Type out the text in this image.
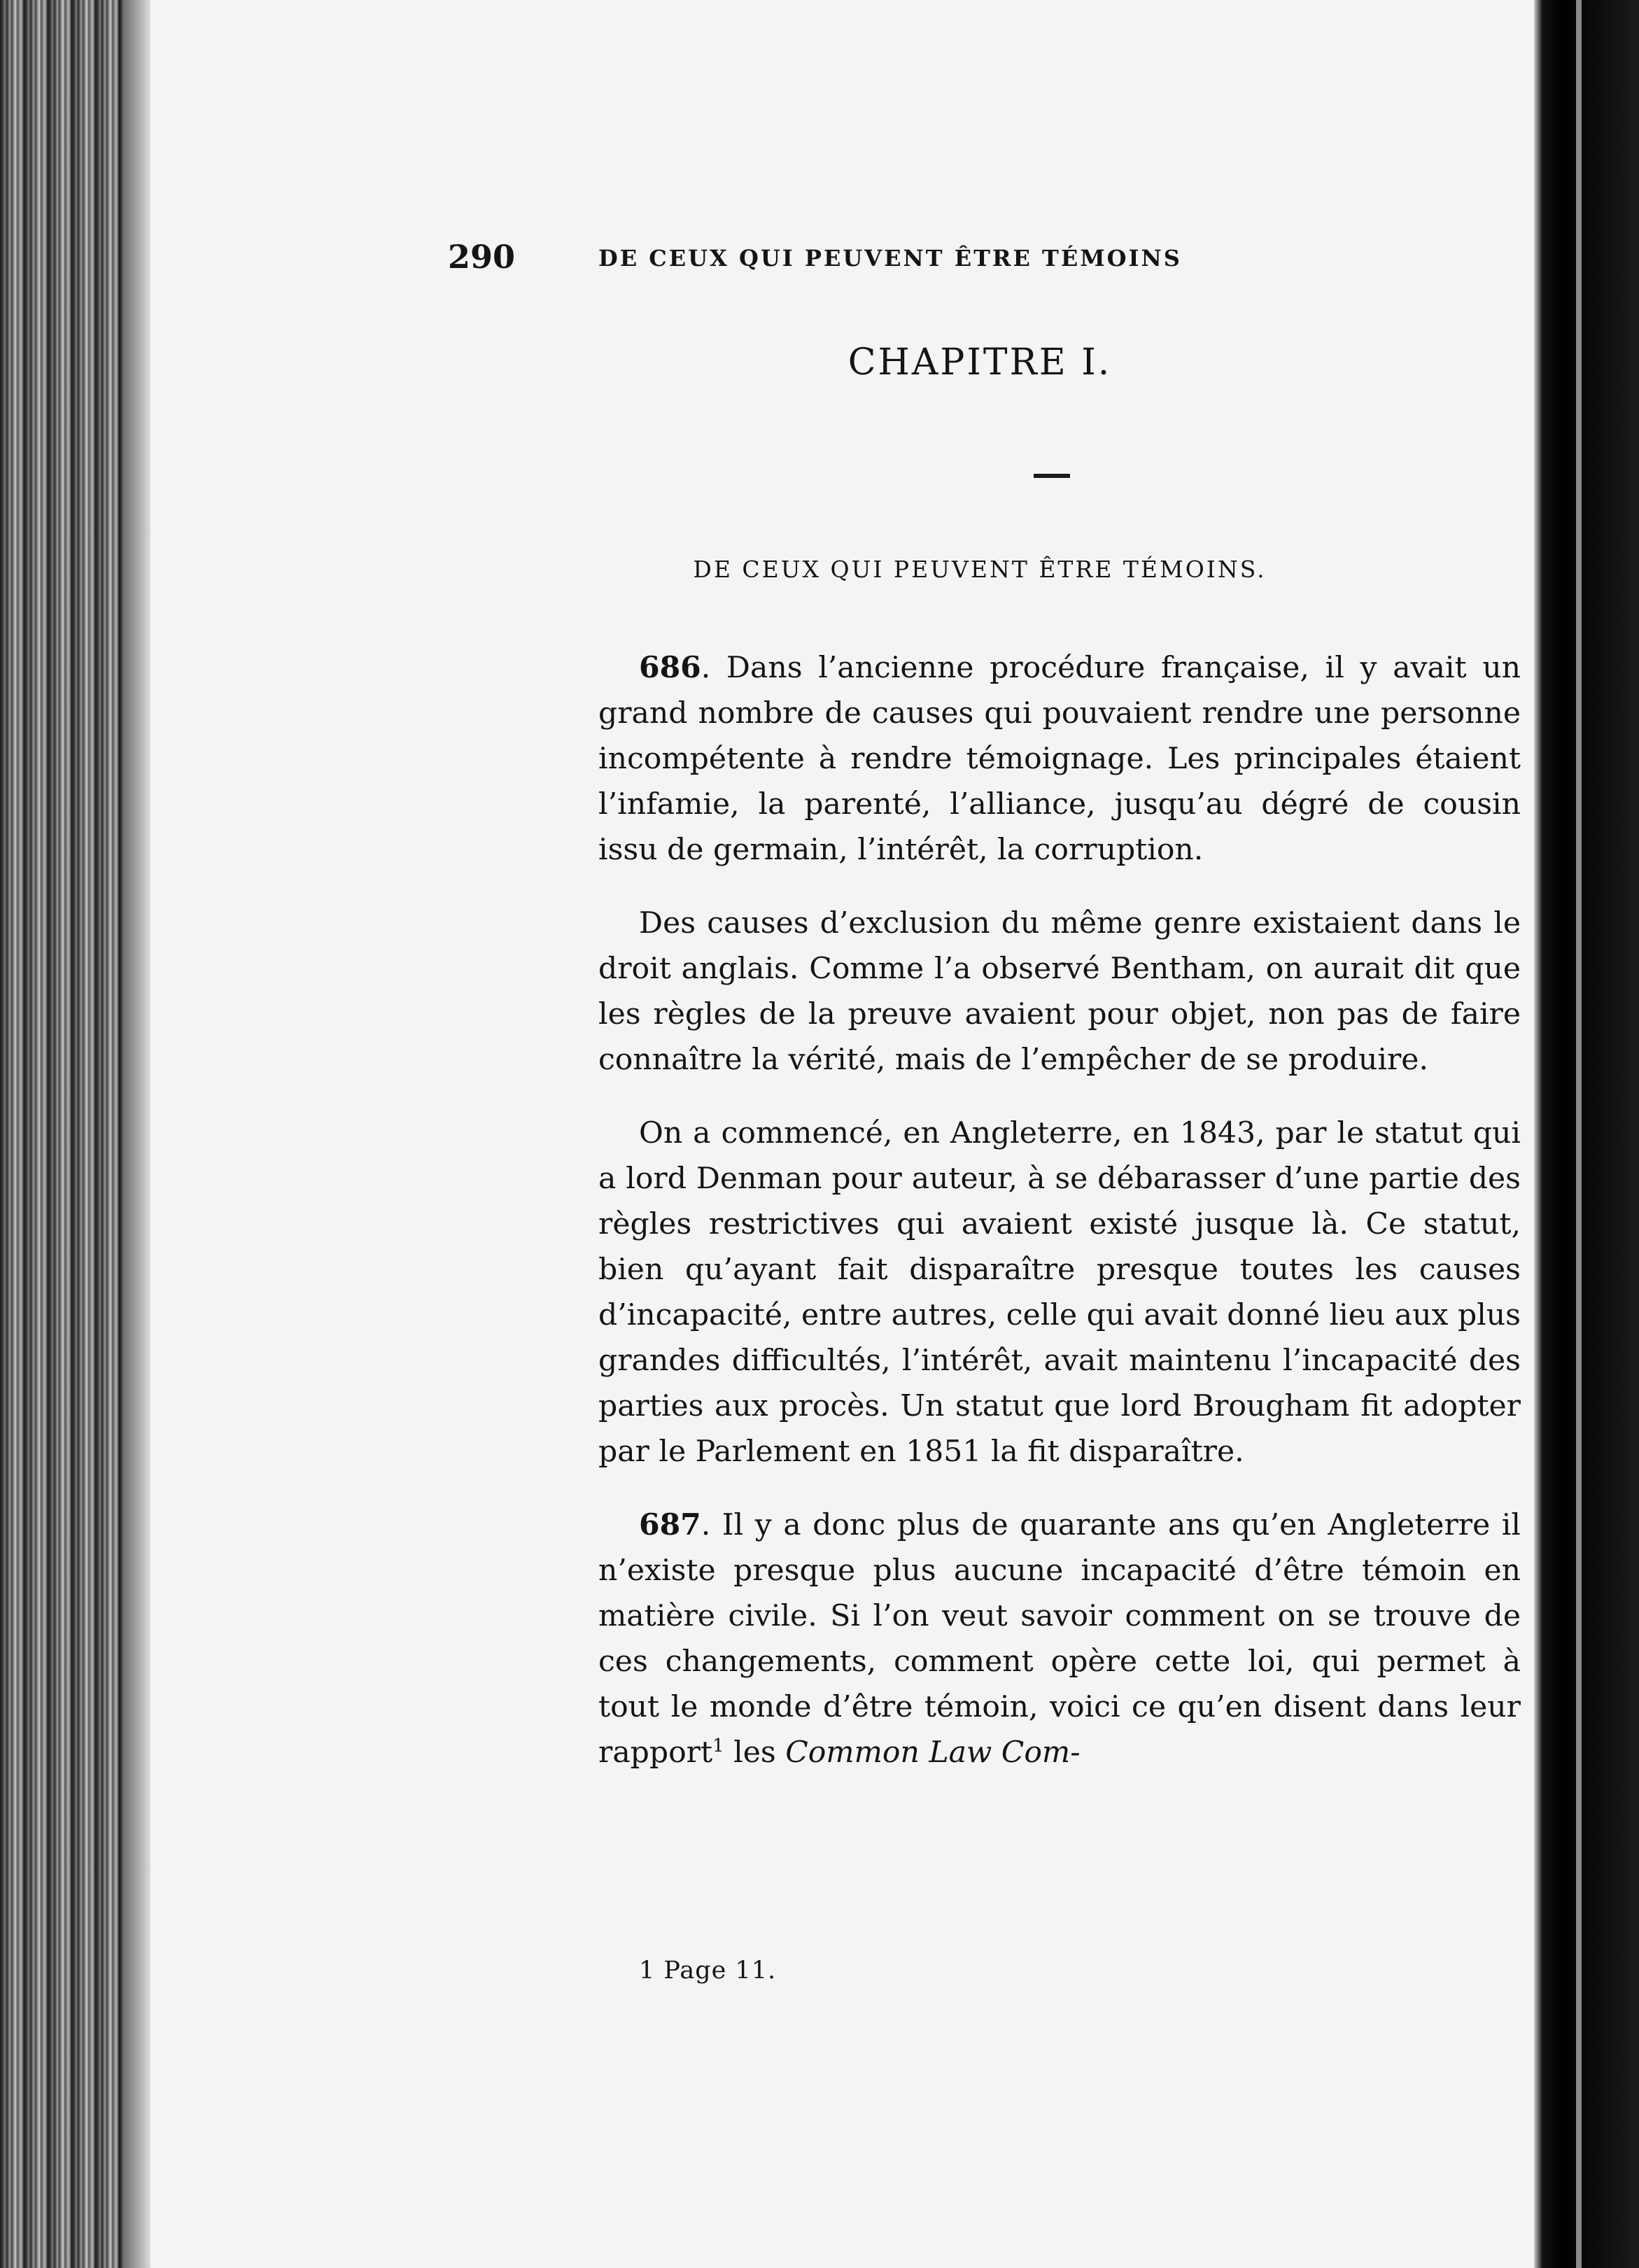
290	DE CEUX QUI PEUVENT ÊTRE TÉMOINS
CHAPITRE I.
DE CEUX QUI PEUVENT ÊTRE TÉMOINS.

686. Dans l’ancienne procédure française, il y avait un grand nombre de causes qui pouvaient rendre une personne incompétente à rendre témoignage. Les principales étaient l’infamie, la parenté, l’alliance, jusqu’au dégré de cousin issu de germain, l’intérêt, la corruption.

Des causes d’exclusion du même genre existaient dans le droit anglais. Comme l’a observé Bentham, on aurait dit que les règles de la preuve avaient pour objet, non pas de faire connaître la vérité, mais de l’empêcher de se produire.

On a commencé, en Angleterre, en 1843, par le statut qui a lord Denman pour auteur, à se débarasser d’une partie des règles restrictives qui avaient existé jusque là. Ce statut, bien qu’ayant fait disparaître presque toutes les causes d’incapacité, entre autres, celle qui avait donné lieu aux plus grandes difficultés, l’intérêt, avait maintenu l’incapacité des parties aux procès. Un statut que lord Brougham fit adopter par le Parlement en 1851 la fit disparaître.

687. Il y a donc plus de quarante ans qu’en Angleterre il n’existe presque plus aucune incapacité d’être témoin en matière civile. Si l’on veut savoir comment on se trouve de ces changements, comment opère cette loi, qui permet à tout le monde d’être témoin, voici ce qu’en disent dans leur rapport$^1$ les Common Law Com-

1 Page 11.
